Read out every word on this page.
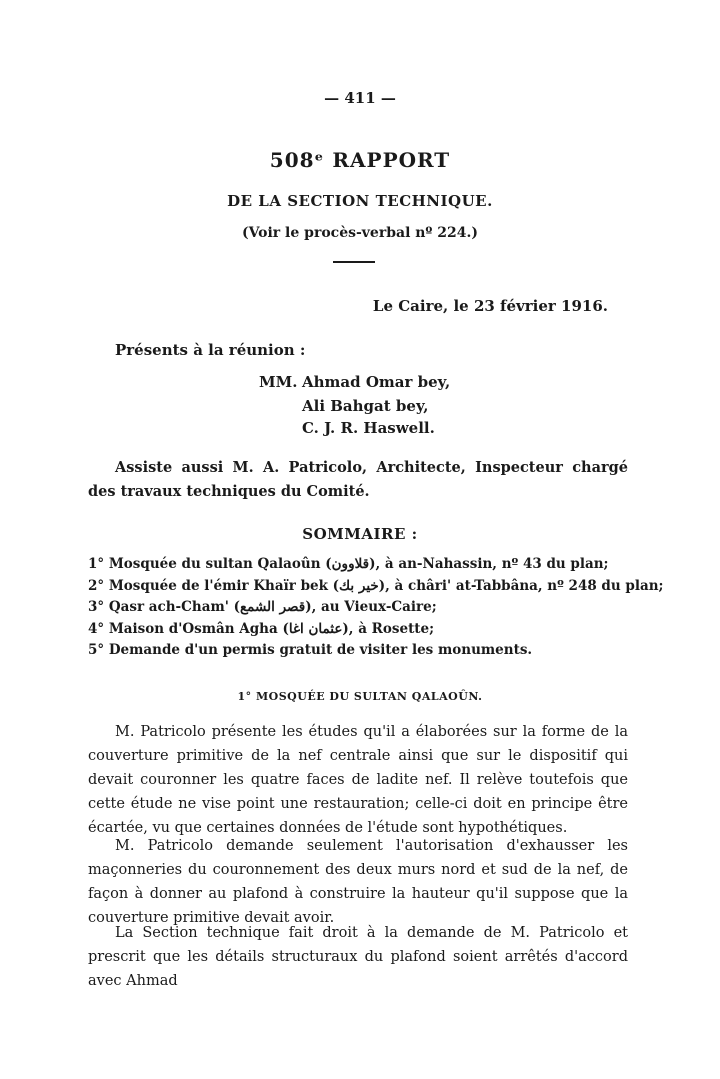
— 411 —
508ᵉ RAPPORT
DE LA SECTION TECHNIQUE.
(Voir le procès-verbal nº 224.)
Le Caire, le 23 février 1916.
Présents à la réunion :
MM. Ahmad Omar bey,
Ali Bahgat bey,
C. J. R. Haswell.
Assiste aussi M. A. Patricolo, Architecte, Inspecteur chargé des travaux techniques du Comité.
SOMMAIRE :
1° Mosquée du sultan Qalaoûn (قلاوون), à an-Nahassin, nº 43 du plan;
2° Mosquée de l'émir Khaïr bek (خير بك), à châri' at-Tabbâna, nº 248 du plan;
3° Qasr ach-Cham' (قصر الشمع), au Vieux-Caire;
4° Maison d'Osmân Agha (عثمان اغا), à Rosette;
5° Demande d'un permis gratuit de visiter les monuments.
1° MOSQUÉE DU SULTAN QALAOÛN.
M. Patricolo présente les études qu'il a élaborées sur la forme de la couverture primitive de la nef centrale ainsi que sur le dispositif qui devait couronner les quatre faces de ladite nef. Il relève toutefois que cette étude ne vise point une restauration; celle-ci doit en principe être écartée, vu que certaines données de l'étude sont hypothétiques.
M. Patricolo demande seulement l'autorisation d'exhausser les maçonneries du couronnement des deux murs nord et sud de la nef, de façon à donner au plafond à construire la hauteur qu'il suppose que la couverture primitive devait avoir.
La Section technique fait droit à la demande de M. Patricolo et prescrit que les détails structuraux du plafond soient arrêtés d'accord avec Ahmad
